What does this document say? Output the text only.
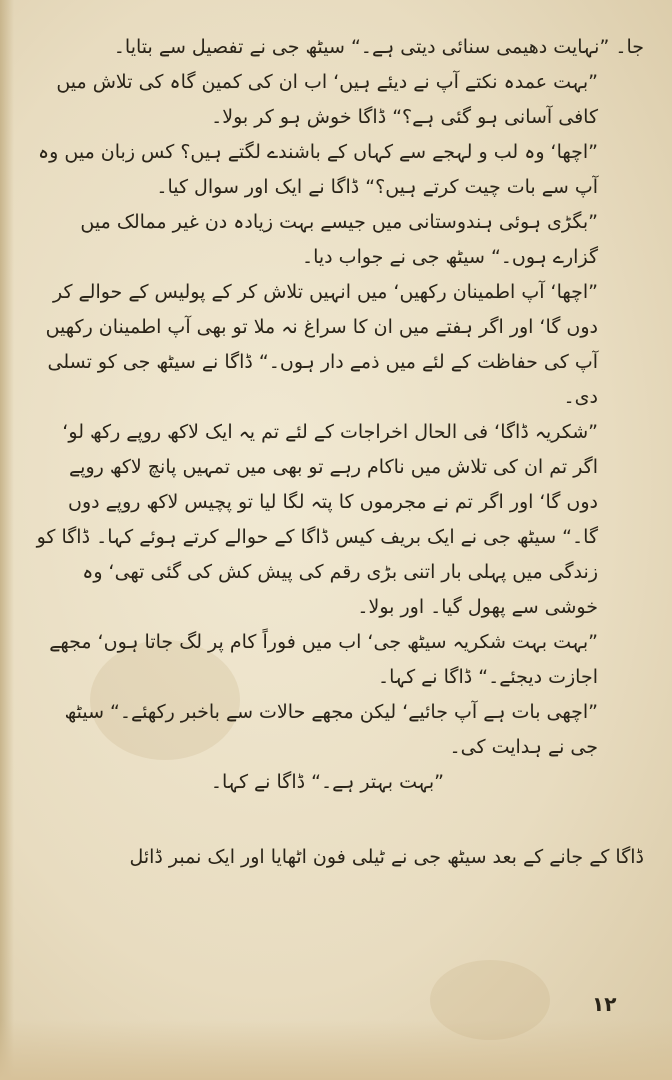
جا۔ ”نہایت دھیمی سنائی دیتی ہے۔“ سیٹھ جی نے تفصیل سے بتایا۔

”بہت عمدہ نکتے آپ نے دیئے ہیں‘ اب ان کی کمین گاہ کی تلاش میں کافی آسانی ہو گئی ہے؟“ ڈاگا خوش ہو کر بولا۔

”اچھا‘ وہ لب و لہجے سے کہاں کے باشندے لگتے ہیں؟ کس زبان میں وہ آپ سے بات چیت کرتے ہیں؟“ ڈاگا نے ایک اور سوال کیا۔

”بگڑی ہوئی ہندوستانی میں جیسے بہت زیادہ دن غیر ممالک میں گزارے ہوں۔“ سیٹھ جی نے جواب دیا۔

”اچھا‘ آپ اطمینان رکھیں‘ میں انہیں تلاش کر کے پولیس کے حوالے کر دوں گا‘ اور اگر ہفتے میں ان کا سراغ نہ ملا تو بھی آپ اطمینان رکھیں آپ کی حفاظت کے لئے میں ذمے دار ہوں۔“ ڈاگا نے سیٹھ جی کو تسلی دی۔

”شکریہ ڈاگا‘ فی الحال اخراجات کے لئے تم یہ ایک لاکھ روپے رکھ لو‘ اگر تم ان کی تلاش میں ناکام رہے تو بھی میں تمہیں پانچ لاکھ روپے دوں گا‘ اور اگر تم نے مجرموں کا پتہ لگا لیا تو پچیس لاکھ روپے دوں گا۔“ سیٹھ جی نے ایک بریف کیس ڈاگا کے حوالے کرتے ہوئے کہا۔ ڈاگا کو زندگی میں پہلی بار اتنی بڑی رقم کی پیش کش کی گئی تھی‘ وہ خوشی سے پھول گیا۔ اور بولا۔

”بہت بہت شکریہ سیٹھ جی‘ اب میں فوراً کام پر لگ جاتا ہوں‘ مجھے اجازت دیجئے۔“ ڈاگا نے کہا۔

”اچھی بات ہے آپ جائیے‘ لیکن مجھے حالات سے باخبر رکھئے۔“ سیٹھ جی نے ہدایت کی۔

”بہت بہتر ہے۔“ ڈاگا نے کہا۔

ڈاگا کے جانے کے بعد سیٹھ جی نے ٹیلی فون اٹھایا اور ایک نمبر ڈائل

۱۲
